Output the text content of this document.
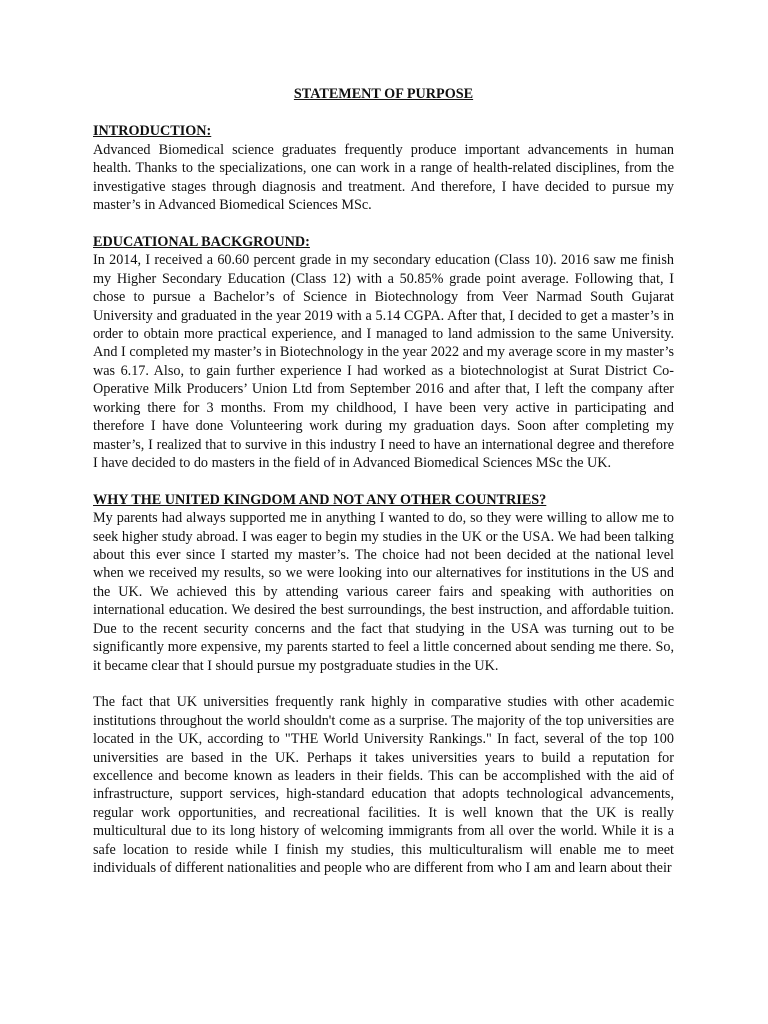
STATEMENT OF PURPOSE

INTRODUCTION:

Advanced Biomedical science graduates frequently produce important advancements in human health. Thanks to the specializations, one can work in a range of health-related disciplines, from the investigative stages through diagnosis and treatment. And therefore, I have decided to pursue my master’s in Advanced Biomedical Sciences MSc.

EDUCATIONAL BACKGROUND:

In 2014, I received a 60.60 percent grade in my secondary education (Class 10). 2016 saw me finish my Higher Secondary Education (Class 12) with a 50.85% grade point average. Following that, I chose to pursue a Bachelor’s of Science in Biotechnology from Veer Narmad South Gujarat University and graduated in the year 2019 with a 5.14 CGPA. After that, I decided to get a master’s in order to obtain more practical experience, and I managed to land admission to the same University. And I completed my master’s in Biotechnology in the year 2022 and my average score in my master’s was 6.17. Also, to gain further experience I had worked as a biotechnologist at Surat District Co-Operative Milk Producers’ Union Ltd from September 2016 and after that, I left the company after working there for 3 months. From my childhood, I have been very active in participating and therefore I have done Volunteering work during my graduation days. Soon after completing my master’s, I realized that to survive in this industry I need to have an international degree and therefore I have decided to do masters in the field of in Advanced Biomedical Sciences MSc the UK.

WHY THE UNITED KINGDOM AND NOT ANY OTHER COUNTRIES?

My parents had always supported me in anything I wanted to do, so they were willing to allow me to seek higher study abroad. I was eager to begin my studies in the UK or the USA. We had been talking about this ever since I started my master’s. The choice had not been decided at the national level when we received my results, so we were looking into our alternatives for institutions in the US and the UK. We achieved this by attending various career fairs and speaking with authorities on international education. We desired the best surroundings, the best instruction, and affordable tuition. Due to the recent security concerns and the fact that studying in the USA was turning out to be significantly more expensive, my parents started to feel a little concerned about sending me there. So, it became clear that I should pursue my postgraduate studies in the UK.

The fact that UK universities frequently rank highly in comparative studies with other academic institutions throughout the world shouldn't come as a surprise. The majority of the top universities are located in the UK, according to "THE World University Rankings." In fact, several of the top 100 universities are based in the UK. Perhaps it takes universities years to build a reputation for excellence and become known as leaders in their fields. This can be accomplished with the aid of infrastructure, support services, high-standard education that adopts technological advancements, regular work opportunities, and recreational facilities. It is well known that the UK is really multicultural due to its long history of welcoming immigrants from all over the world. While it is a safe location to reside while I finish my studies, this multiculturalism will enable me to meet individuals of different nationalities and people who are different from who I am and learn about their
